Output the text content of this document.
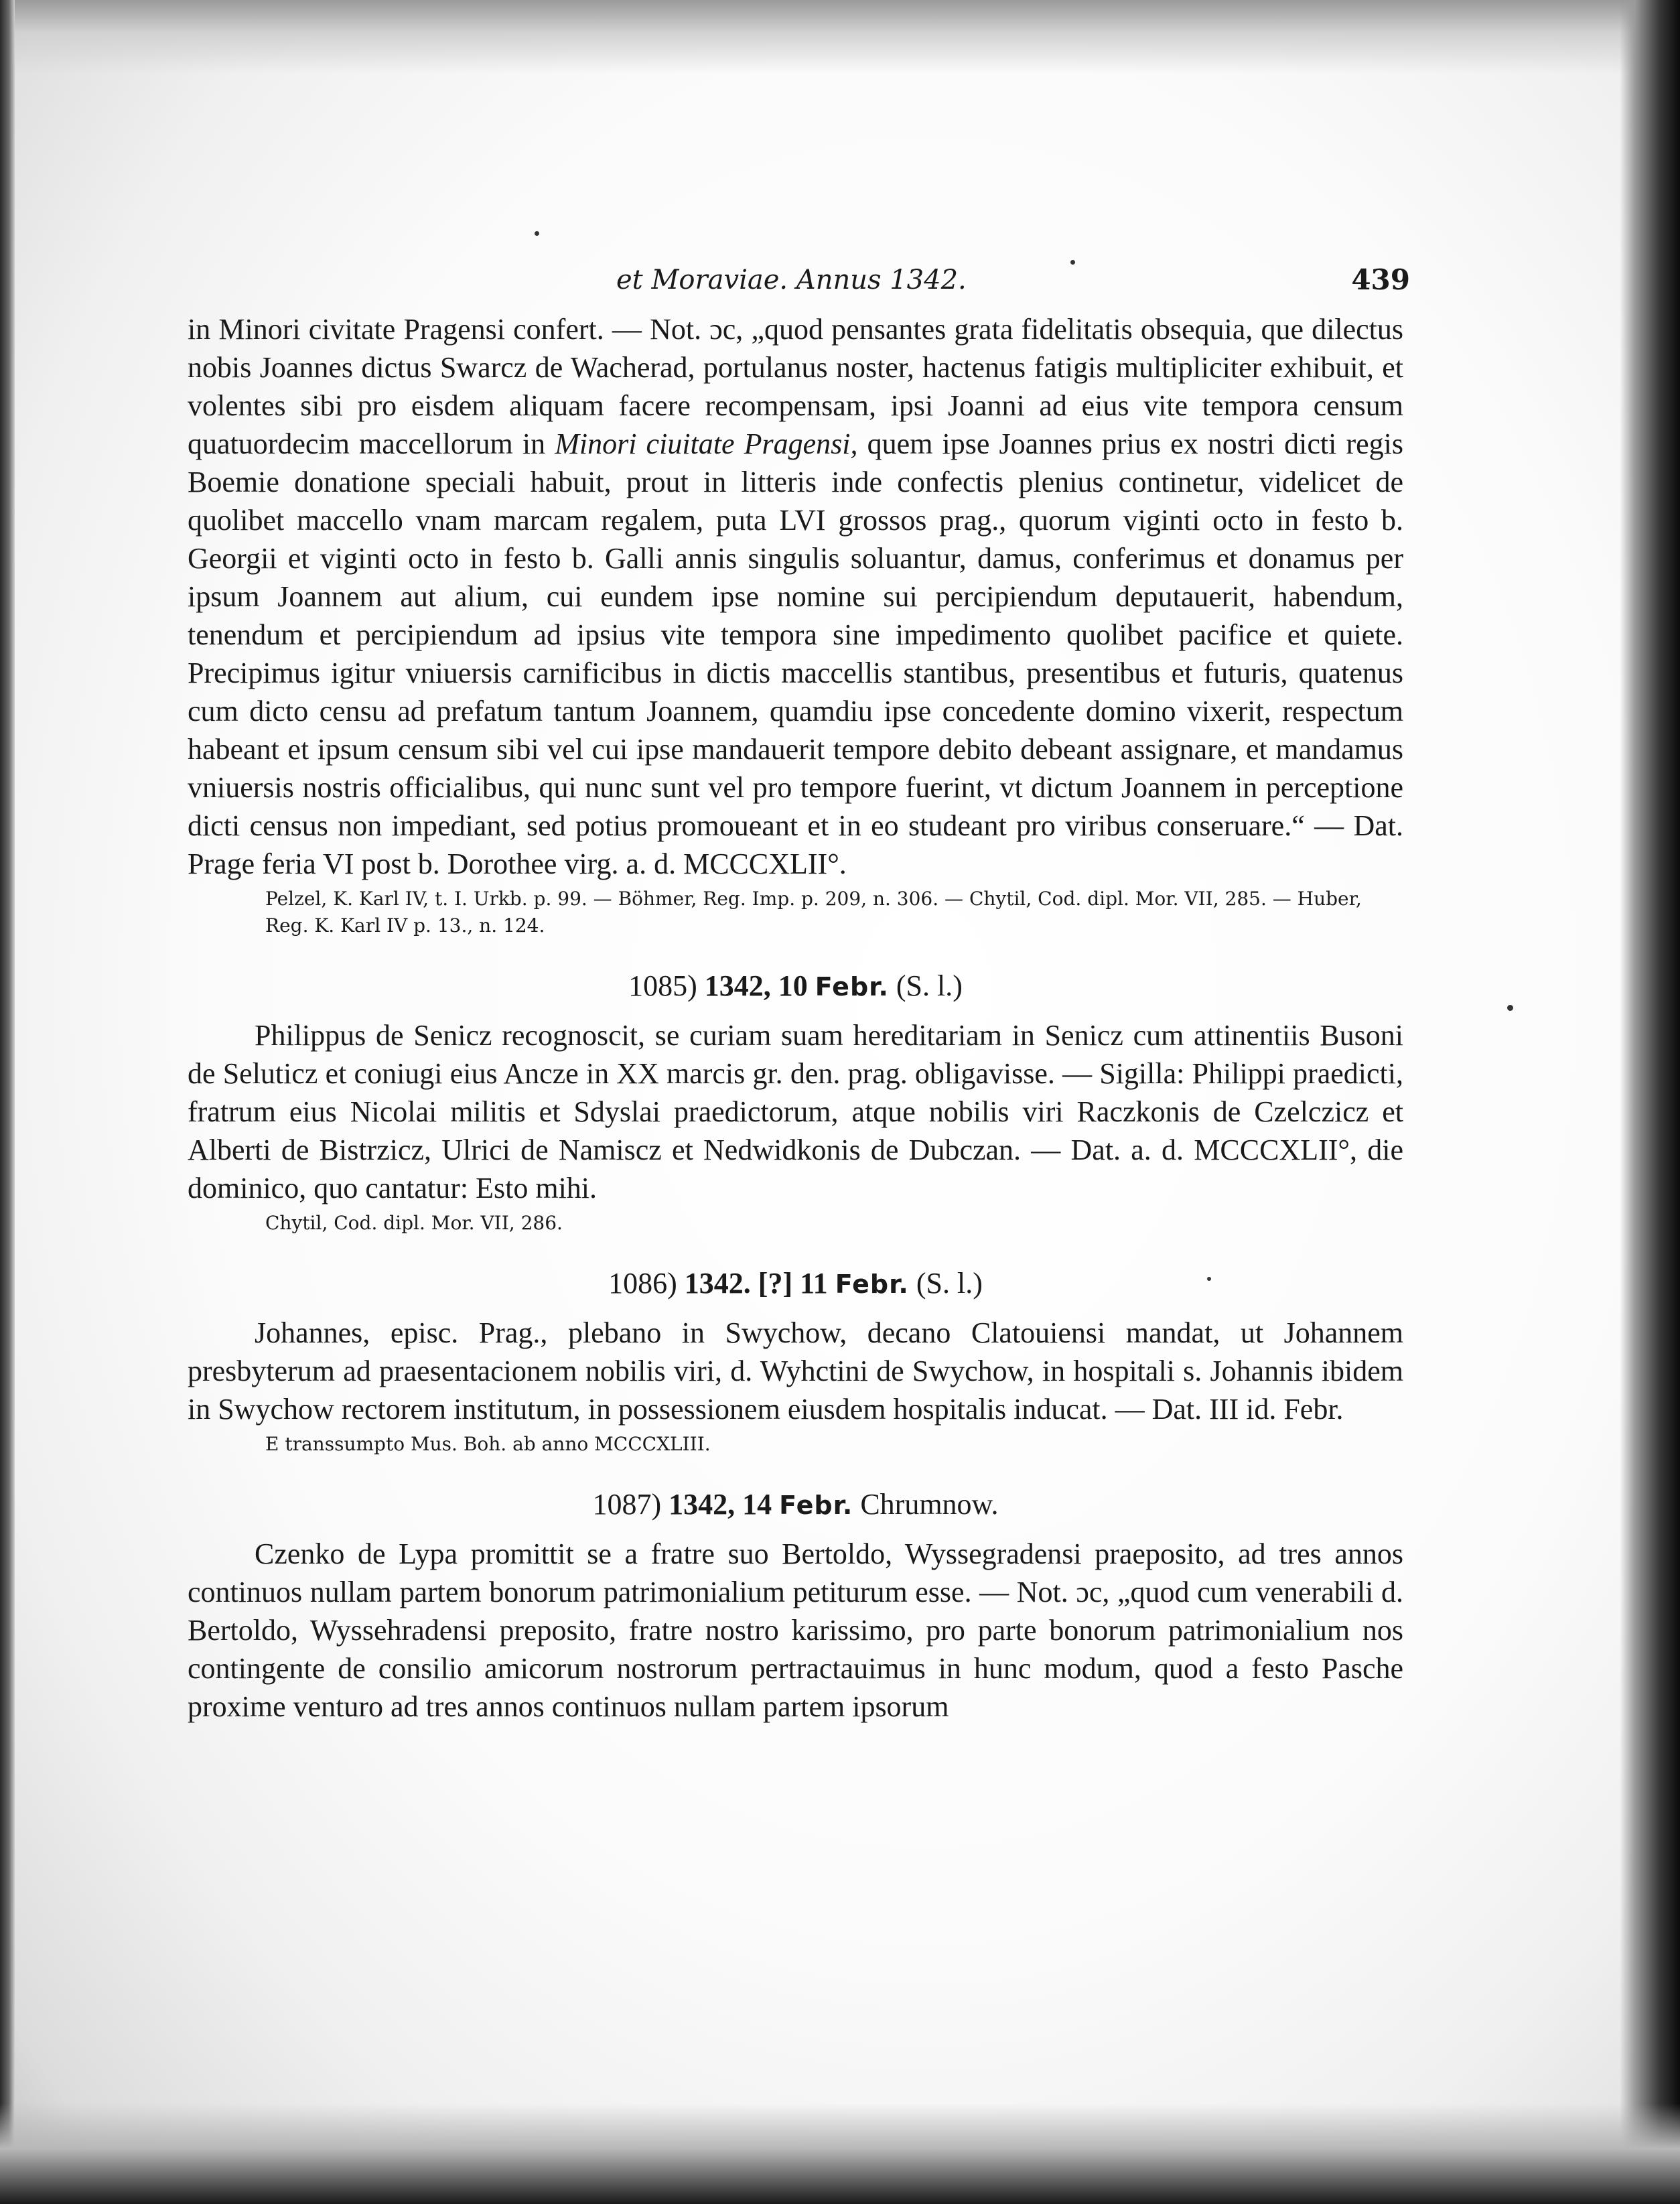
et Moraviae. Annus 1342.	439

in Minori civitate Pragensi confert. — Not. ɔc, „quod pensantes grata fidelitatis obsequia, que dilectus nobis Joannes dictus Swarcz de Wacherad, portulanus noster, hactenus fatigis multipliciter exhibuit, et volentes sibi pro eisdem aliquam facere recompensam, ipsi Joanni ad eius vite tempora censum quatuordecim maccellorum in Minori ciuitate Pragensi, quem ipse Joannes prius ex nostri dicti regis Boemie donatione speciali habuit, prout in litteris inde confectis plenius continetur, videlicet de quolibet maccello vnam marcam regalem, puta LVI grossos prag., quorum viginti octo in festo b. Georgii et viginti octo in festo b. Galli annis singulis soluantur, damus, conferimus et donamus per ipsum Joannem aut alium, cui eundem ipse nomine sui percipiendum deputauerit, habendum, tenendum et percipiendum ad ipsius vite tempora sine impedimento quolibet pacifice et quiete. Precipimus igitur vniuersis carnificibus in dictis maccellis stantibus, presentibus et futuris, quatenus cum dicto censu ad prefatum tantum Joannem, quamdiu ipse concedente domino vixerit, respectum habeant et ipsum censum sibi vel cui ipse mandauerit tempore debito debeant assignare, et mandamus vniuersis nostris officialibus, qui nunc sunt vel pro tempore fuerint, vt dictum Joannem in perceptione dicti census non impediant, sed potius promoueant et in eo studeant pro viribus conseruare.“ — Dat. Prage feria VI post b. Dorothee virg. a. d. MCCCXLII°.

Pelzel, K. Karl IV, t. I. Urkb. p. 99. — Böhmer, Reg. Imp. p. 209, n. 306. — Chytil, Cod. dipl. Mor. VII, 285. — Huber, Reg. K. Karl IV p. 13., n. 124.

1085) 1342, 10 Febr. (S. l.)

Philippus de Senicz recognoscit, se curiam suam hereditariam in Senicz cum attinentiis Busoni de Seluticz et coniugi eius Ancze in XX marcis gr. den. prag. obligavisse. — Sigilla: Philippi praedicti, fratrum eius Nicolai militis et Sdyslai praedictorum, atque nobilis viri Raczkonis de Czelczicz et Alberti de Bistrzicz, Ulrici de Namiscz et Nedwidkonis de Dubczan. — Dat. a. d. MCCCXLII°, die dominico, quo cantatur: Esto mihi.

Chytil, Cod. dipl. Mor. VII, 286.

1086) 1342. [?] 11 Febr. (S. l.)

Johannes, episc. Prag., plebano in Swychow, decano Clatouiensi mandat, ut Johannem presbyterum ad praesentacionem nobilis viri, d. Wyhctini de Swychow, in hospitali s. Johannis ibidem in Swychow rectorem institutum, in possessionem eiusdem hospitalis inducat. — Dat. III id. Febr.

E transsumpto Mus. Boh. ab anno MCCCXLIII.

1087) 1342, 14 Febr. Chrumnow.

Czenko de Lypa promittit se a fratre suo Bertoldo, Wyssegradensi praeposito, ad tres annos continuos nullam partem bonorum patrimonialium petiturum esse. — Not. ɔc, „quod cum venerabili d. Bertoldo, Wyssehradensi preposito, fratre nostro karissimo, pro parte bonorum patrimonialium nos contingente de consilio amicorum nostrorum pertractauimus in hunc modum, quod a festo Pasche proxime venturo ad tres annos continuos nullam partem ipsorum
